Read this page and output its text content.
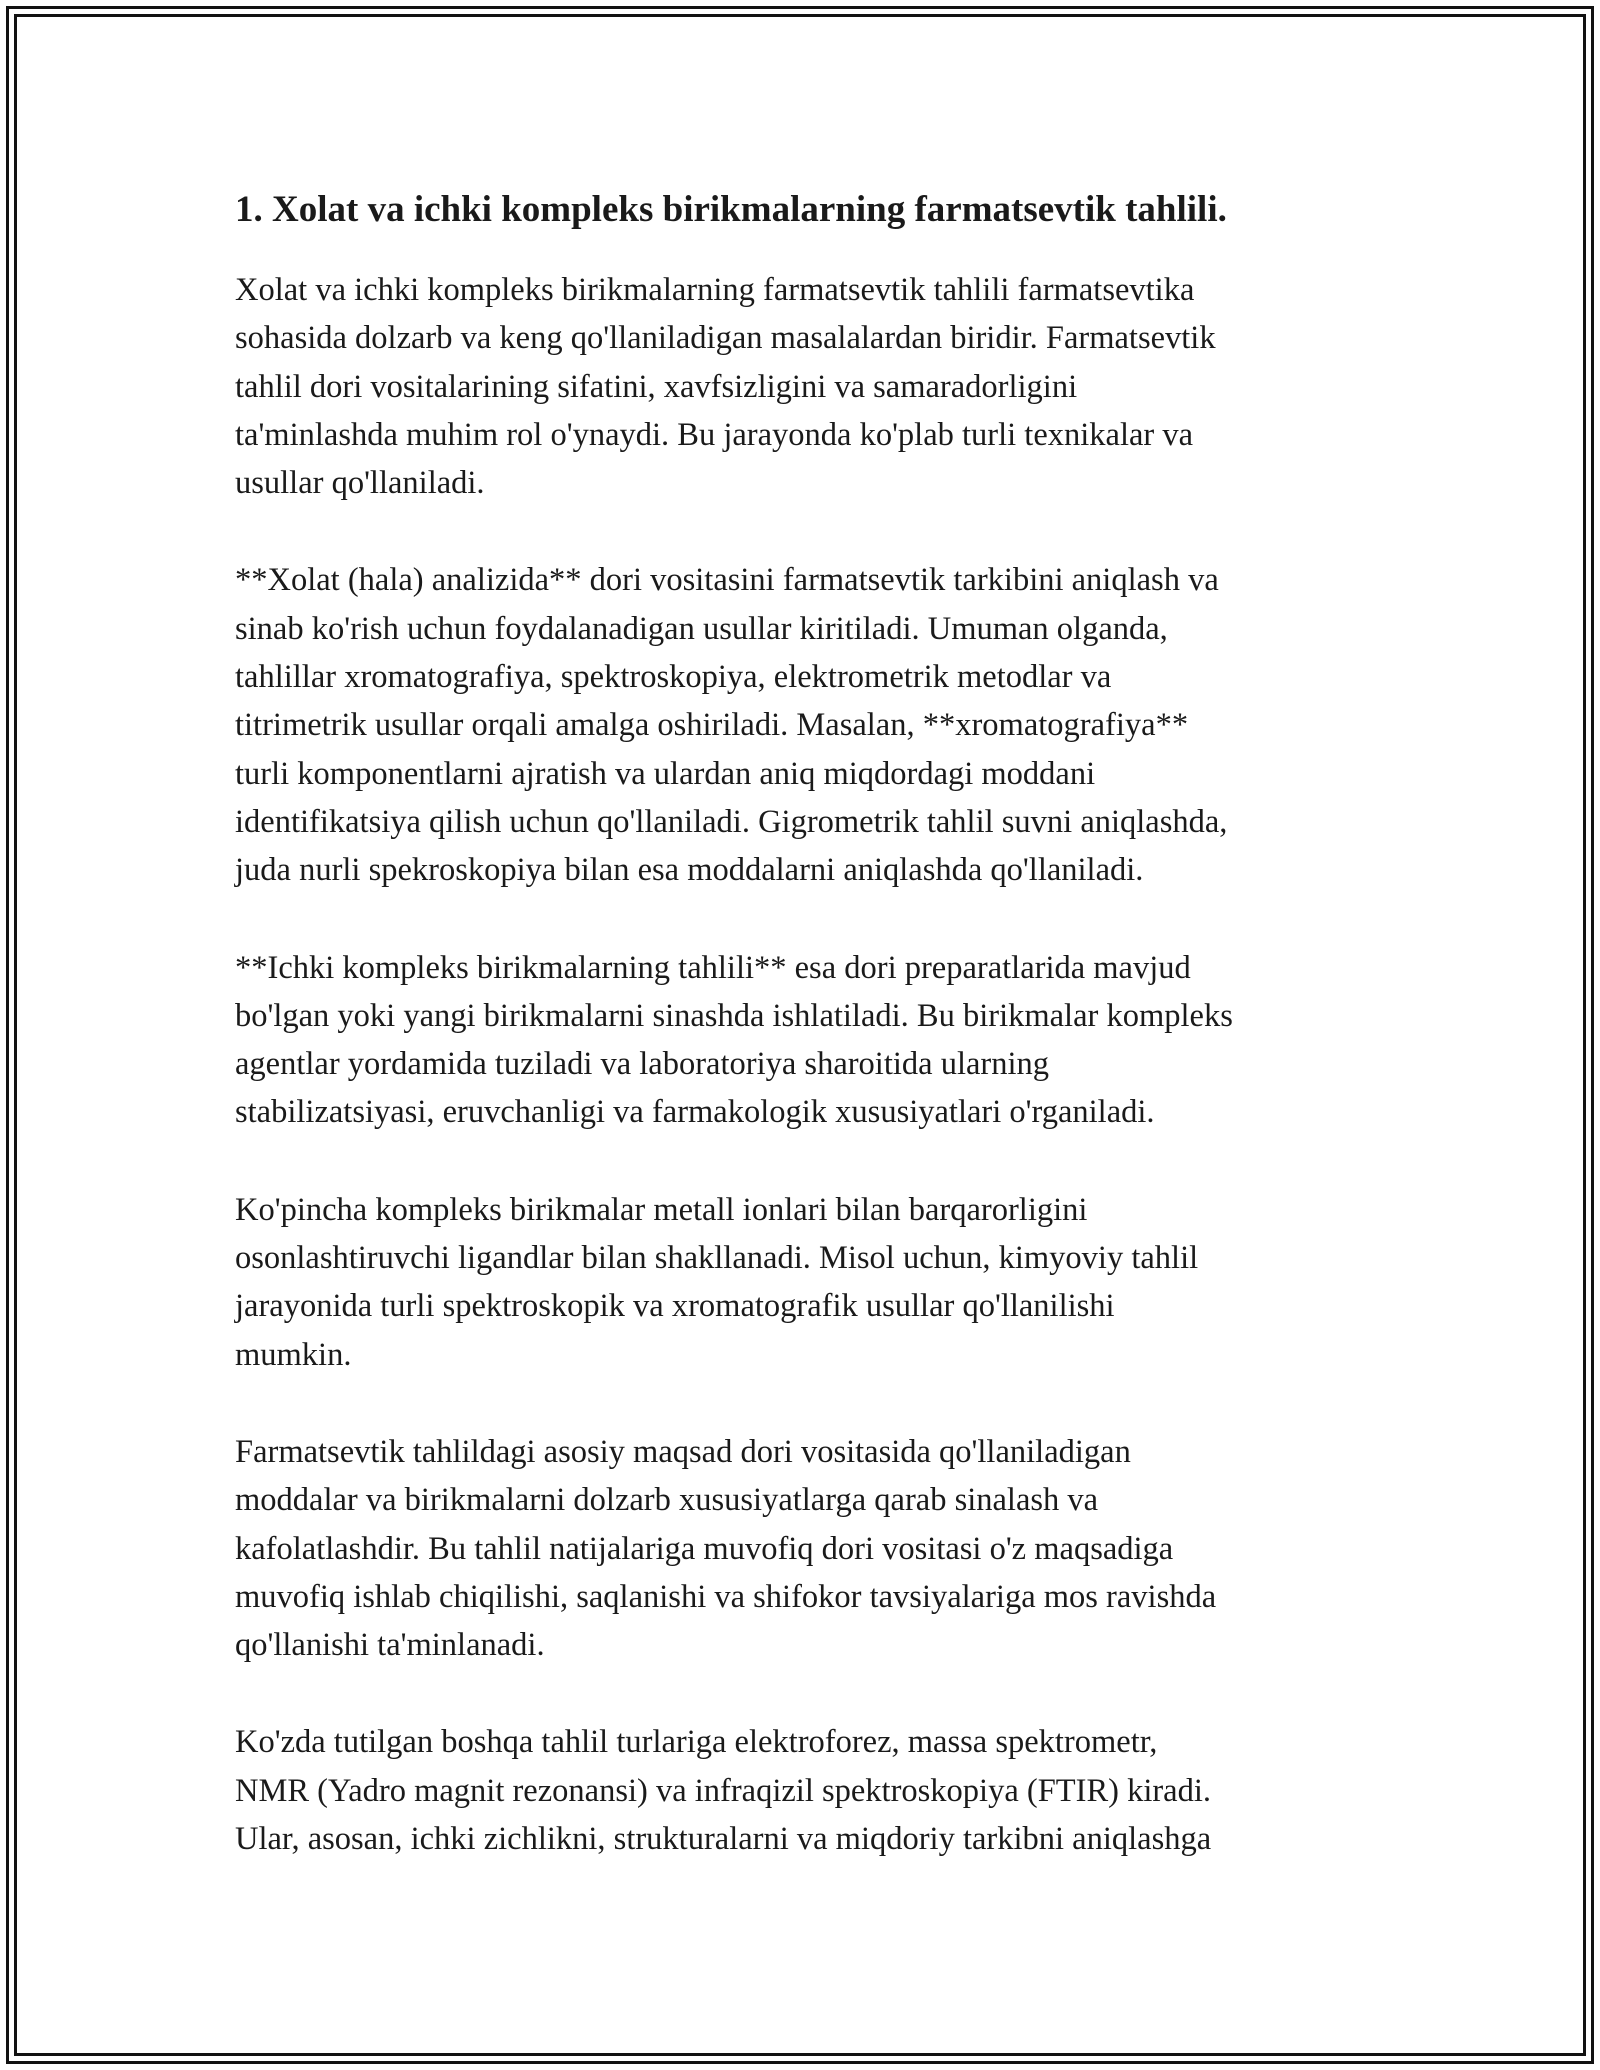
1. Xolat va ichki kompleks birikmalarning farmatsevtik tahlili.

Xolat va ichki kompleks birikmalarning farmatsevtik tahlili farmatsevtika
sohasida dolzarb va keng qo'llaniladigan masalalardan biridir. Farmatsevtik
tahlil dori vositalarining sifatini, xavfsizligini va samaradorligini
ta'minlashda muhim rol o'ynaydi. Bu jarayonda ko'plab turli texnikalar va
usullar qo'llaniladi.

**Xolat (hala) analizida** dori vositasini farmatsevtik tarkibini aniqlash va
sinab ko'rish uchun foydalanadigan usullar kiritiladi. Umuman olganda,
tahlillar xromatografiya, spektroskopiya, elektrometrik metodlar va
titrimetrik usullar orqali amalga oshiriladi. Masalan, **xromatografiya**
turli komponentlarni ajratish va ulardan aniq miqdordagi moddani
identifikatsiya qilish uchun qo'llaniladi. Gigrometrik tahlil suvni aniqlashda,
juda nurli spekroskopiya bilan esa moddalarni aniqlashda qo'llaniladi.

**Ichki kompleks birikmalarning tahlili** esa dori preparatlarida mavjud
bo'lgan yoki yangi birikmalarni sinashda ishlatiladi. Bu birikmalar kompleks
agentlar yordamida tuziladi va laboratoriya sharoitida ularning
stabilizatsiyasi, eruvchanligi va farmakologik xususiyatlari o'rganiladi.

Ko'pincha kompleks birikmalar metall ionlari bilan barqarorligini
osonlashtiruvchi ligandlar bilan shakllanadi. Misol uchun, kimyoviy tahlil
jarayonida turli spektroskopik va xromatografik usullar qo'llanilishi
mumkin.

Farmatsevtik tahlildagi asosiy maqsad dori vositasida qo'llaniladigan
moddalar va birikmalarni dolzarb xususiyatlarga qarab sinalash va
kafolatlashdir. Bu tahlil natijalariga muvofiq dori vositasi o'z maqsadiga
muvofiq ishlab chiqilishi, saqlanishi va shifokor tavsiyalariga mos ravishda
qo'llanishi ta'minlanadi.

Ko'zda tutilgan boshqa tahlil turlariga elektroforez, massa spektrometr,
NMR (Yadro magnit rezonansi) va infraqizil spektroskopiya (FTIR) kiradi.
Ular, asosan, ichki zichlikni, strukturalarni va miqdoriy tarkibni aniqlashga
